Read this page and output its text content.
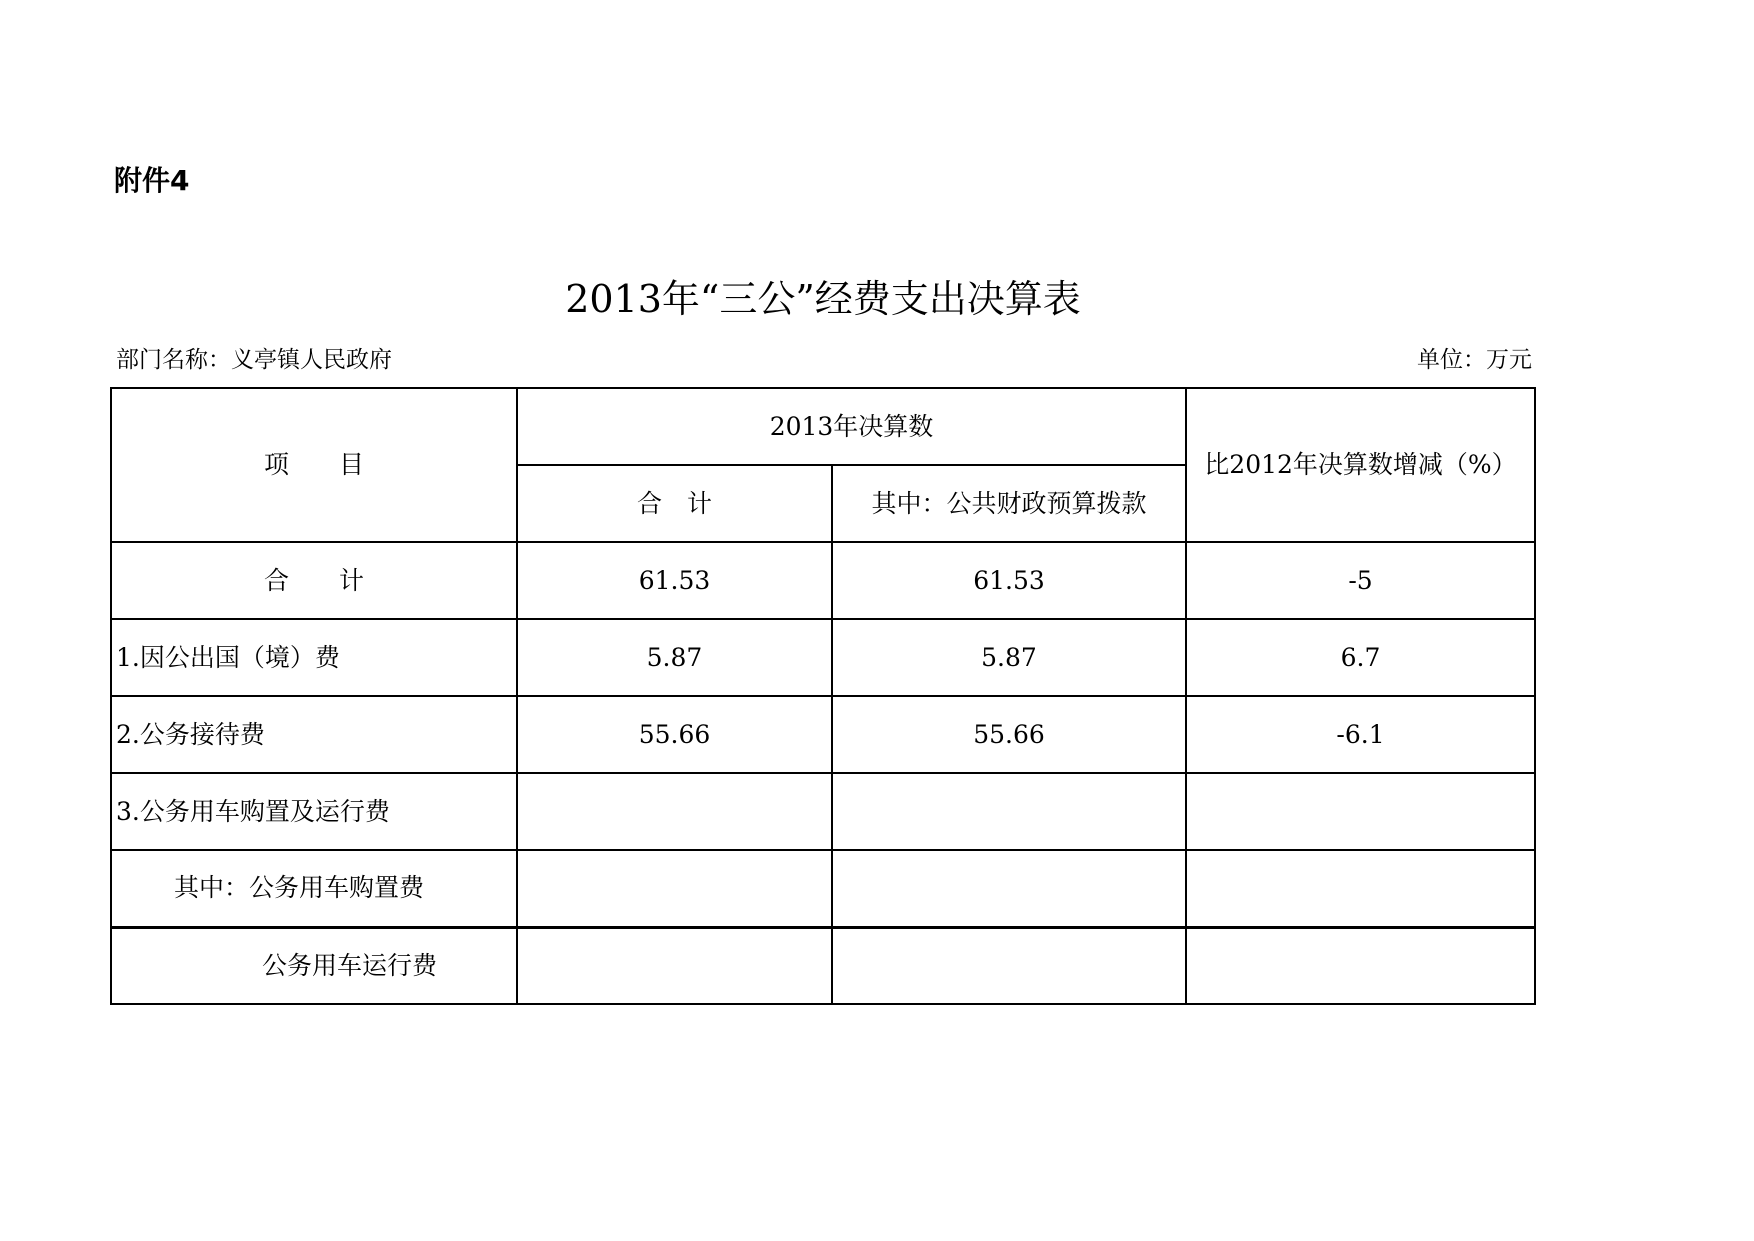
附件4
2013年“三公”经费支出决算表
部门名称：义亭镇人民政府	单位：万元
项　　目	2013年决算数		比2012年决算数增减（%）
	合　计	其中：公共财政预算拨款	
合　　计	61.53	61.53	-5
1.因公出国（境）费	5.87	5.87	6.7
2.公务接待费	55.66	55.66	-6.1
3.公务用车购置及运行费			
其中：公务用车购置费			
公务用车运行费			
